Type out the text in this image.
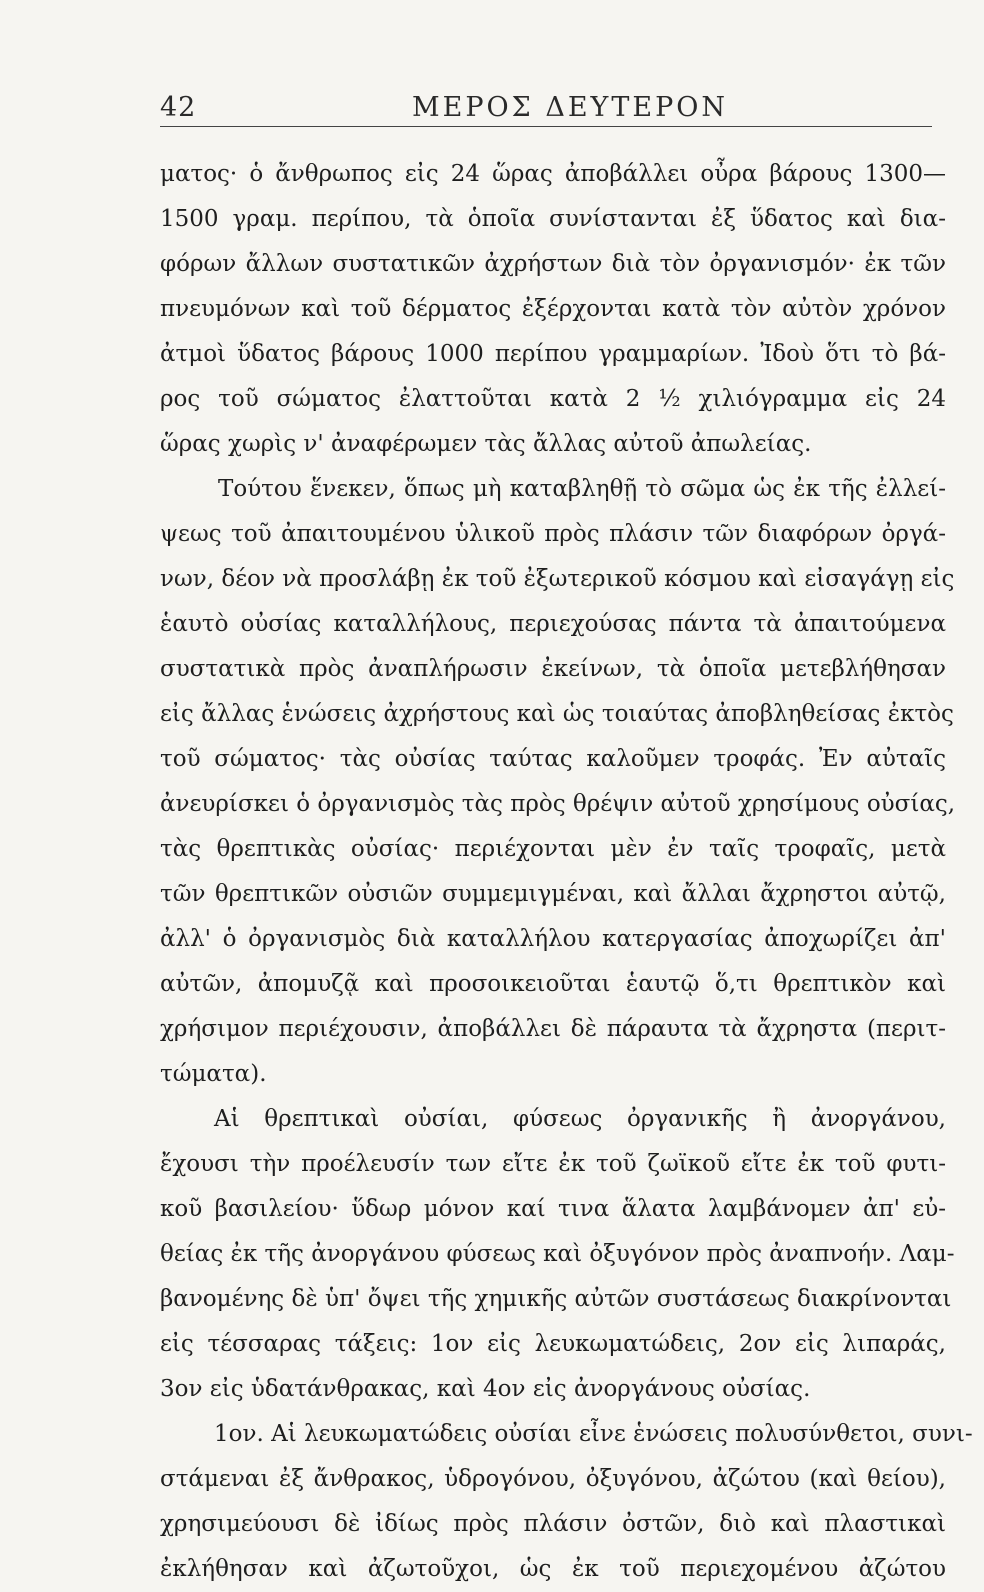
42	ΜΕΡΟΣ ΔΕΥΤΕΡΟΝ
ματος· ὁ ἄνθρωπος εἰς 24 ὥρας ἀποβάλλει οὖρα βάρους 1300—
1500 γραμ. περίπου, τὰ ὁποῖα συνίστανται ἐξ ὕδατος καὶ δια-
φόρων ἄλλων συστατικῶν ἀχρήστων διὰ τὸν ὀργανισμόν· ἐκ τῶν
πνευμόνων καὶ τοῦ δέρματος ἐξέρχονται κατὰ τὸν αὐτὸν χρόνον
ἀτμοὶ ὕδατος βάρους 1000 περίπου γραμμαρίων. Ἰδοὺ ὅτι τὸ βά-
ρος τοῦ σώματος ἐλαττοῦται κατὰ 2 ½ χιλιόγραμμα εἰς 24
ὥρας χωρὶς ν' ἀναφέρωμεν τὰς ἄλλας αὐτοῦ ἀπωλείας.
Τούτου ἕνεκεν, ὅπως μὴ καταβληθῇ τὸ σῶμα ὡς ἐκ τῆς ἐλλεί-
ψεως τοῦ ἀπαιτουμένου ὑλικοῦ πρὸς πλάσιν τῶν διαφόρων ὀργά-
νων, δέον νὰ προσλάβῃ ἐκ τοῦ ἐξωτερικοῦ κόσμου καὶ εἰσαγάγῃ εἰς
ἑαυτὸ οὐσίας καταλλήλους, περιεχούσας πάντα τὰ ἀπαιτούμενα
συστατικὰ πρὸς ἀναπλήρωσιν ἐκείνων, τὰ ὁποῖα μετεβλήθησαν
εἰς ἄλλας ἑνώσεις ἀχρήστους καὶ ὡς τοιαύτας ἀποβληθείσας ἐκτὸς
τοῦ σώματος· τὰς οὐσίας ταύτας καλοῦμεν τροφάς. Ἐν αὐταῖς
ἀνευρίσκει ὁ ὀργανισμὸς τὰς πρὸς θρέψιν αὐτοῦ χρησίμους οὐσίας,
τὰς θρεπτικὰς οὐσίας· περιέχονται μὲν ἐν ταῖς τροφαῖς, μετὰ
τῶν θρεπτικῶν οὐσιῶν συμμεμιγμέναι, καὶ ἄλλαι ἄχρηστοι αὐτῷ,
ἀλλ' ὁ ὀργανισμὸς διὰ καταλλήλου κατεργασίας ἀποχωρίζει ἀπ'
αὐτῶν, ἀπομυζᾷ καὶ προσοικειοῦται ἑαυτῷ ὅ,τι θρεπτικὸν καὶ
χρήσιμον περιέχουσιν, ἀποβάλλει δὲ πάραυτα τὰ ἄχρηστα (περιτ-
τώματα).
Αἱ θρεπτικαὶ οὐσίαι, φύσεως ὀργανικῆς ἢ ἀνοργάνου,
ἔχουσι τὴν προέλευσίν των εἴτε ἐκ τοῦ ζωϊκοῦ εἴτε ἐκ τοῦ φυτι-
κοῦ βασιλείου· ὕδωρ μόνον καί τινα ἅλατα λαμβάνομεν ἀπ' εὐ-
θείας ἐκ τῆς ἀνοργάνου φύσεως καὶ ὀξυγόνον πρὸς ἀναπνοήν. Λαμ-
βανομένης δὲ ὑπ' ὄψει τῆς χημικῆς αὐτῶν συστάσεως διακρίνονται
εἰς τέσσαρας τάξεις: 1ον εἰς λευκωματώδεις, 2ον εἰς λιπαράς,
3ον εἰς ὑδατάνθρακας, καὶ 4ον εἰς ἀνοργάνους οὐσίας.
1ον. Αἱ λευκωματώδεις οὐσίαι εἶνε ἑνώσεις πολυσύνθετοι, συνι-
στάμεναι ἐξ ἄνθρακος, ὑδρογόνου, ὀξυγόνου, ἀζώτου (καὶ θείου),
χρησιμεύουσι δὲ ἰδίως πρὸς πλάσιν ὀστῶν, διὸ καὶ πλαστικαὶ
ἐκλήθησαν καὶ ἀζωτοῦχοι, ὡς ἐκ τοῦ περιεχομένου ἀζώτου
